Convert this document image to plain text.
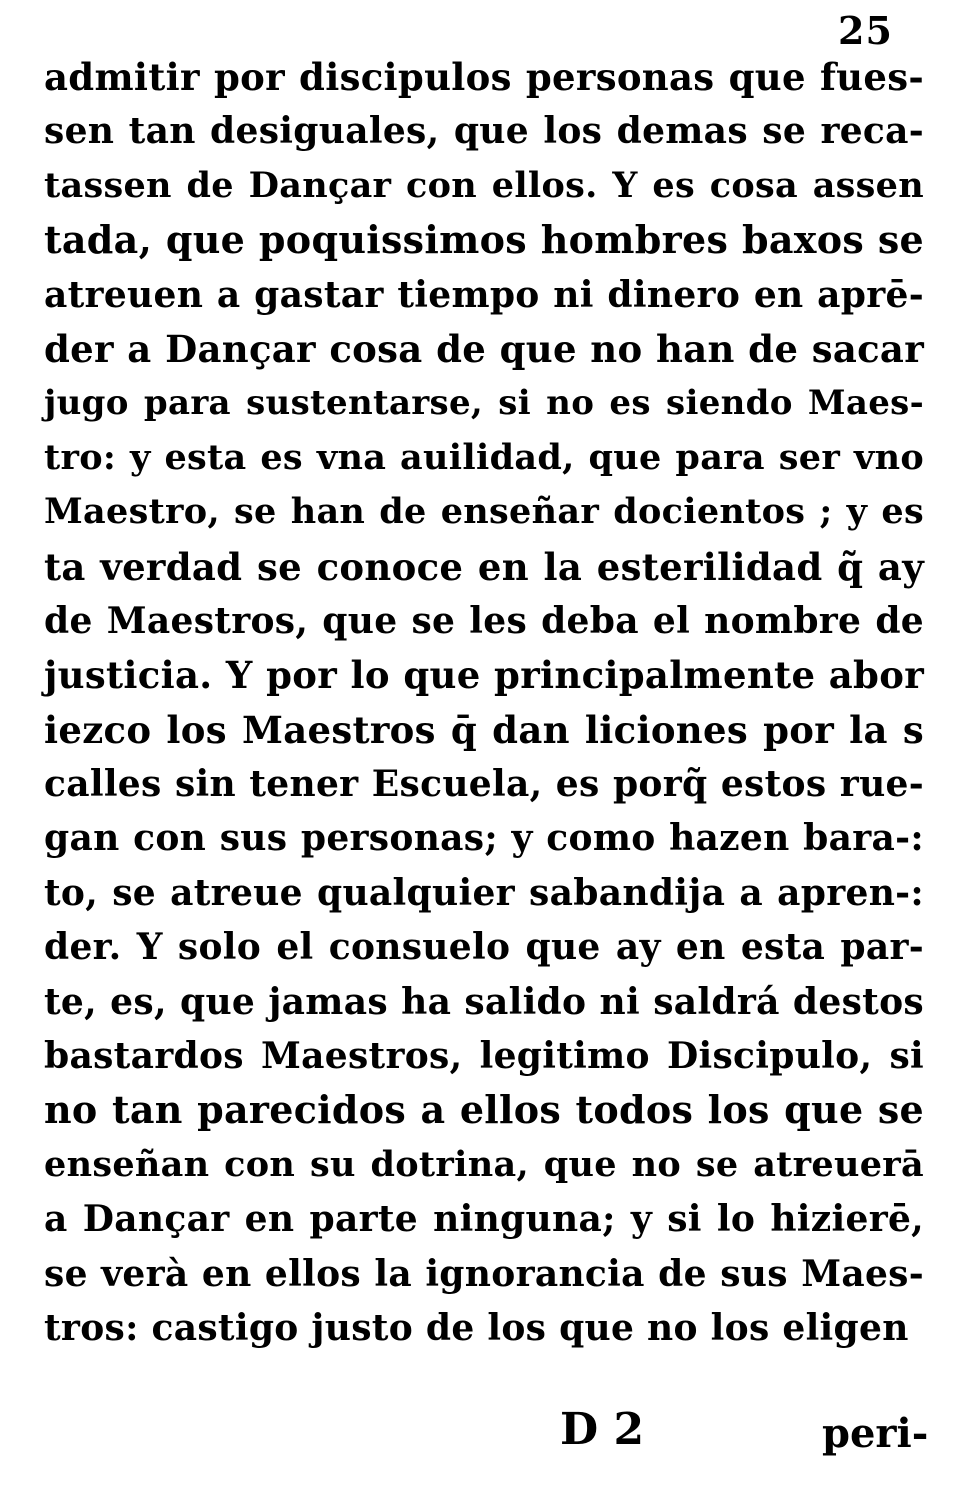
25
admitir por discipulos personas que fues-
sen tan desiguales, que los demas se reca-
tassen de Dançar con ellos. Y es cosa assen
tada, que poquissimos hombres baxos se
atreuen a gastar tiempo ni dinero en aprē-
der a Dançar cosa de que no han de sacar
jugo para sustentarse, si no es siendo Maes-
tro: y esta es vna auilidad, que para ser vno
Maestro, se han de enseñar docientos ; y es
ta verdad se conoce en la esterilidad q̃ ay
de Maestros, que se les deba el nombre de
justicia. Y por lo que principalmente abor
iezco los Maestros q̄ dan liciones por la s
calles sin tener Escuela, es porq̃ estos rue-
gan con sus personas; y como hazen bara-:
to, se atreue qualquier sabandija a apren-:
der. Y solo el consuelo que ay en esta par-
te, es, que jamas ha salido ni saldrá destos
bastardos Maestros, legitimo Discipulo, si
no tan parecidos a ellos todos los que se
enseñan con su dotrina, que no se atreuerā
a Dançar en parte ninguna; y si lo hizierē,
se verà en ellos la ignorancia de sus Maes-
tros: castigo justo de los que no los eligen
D 2	peri-
